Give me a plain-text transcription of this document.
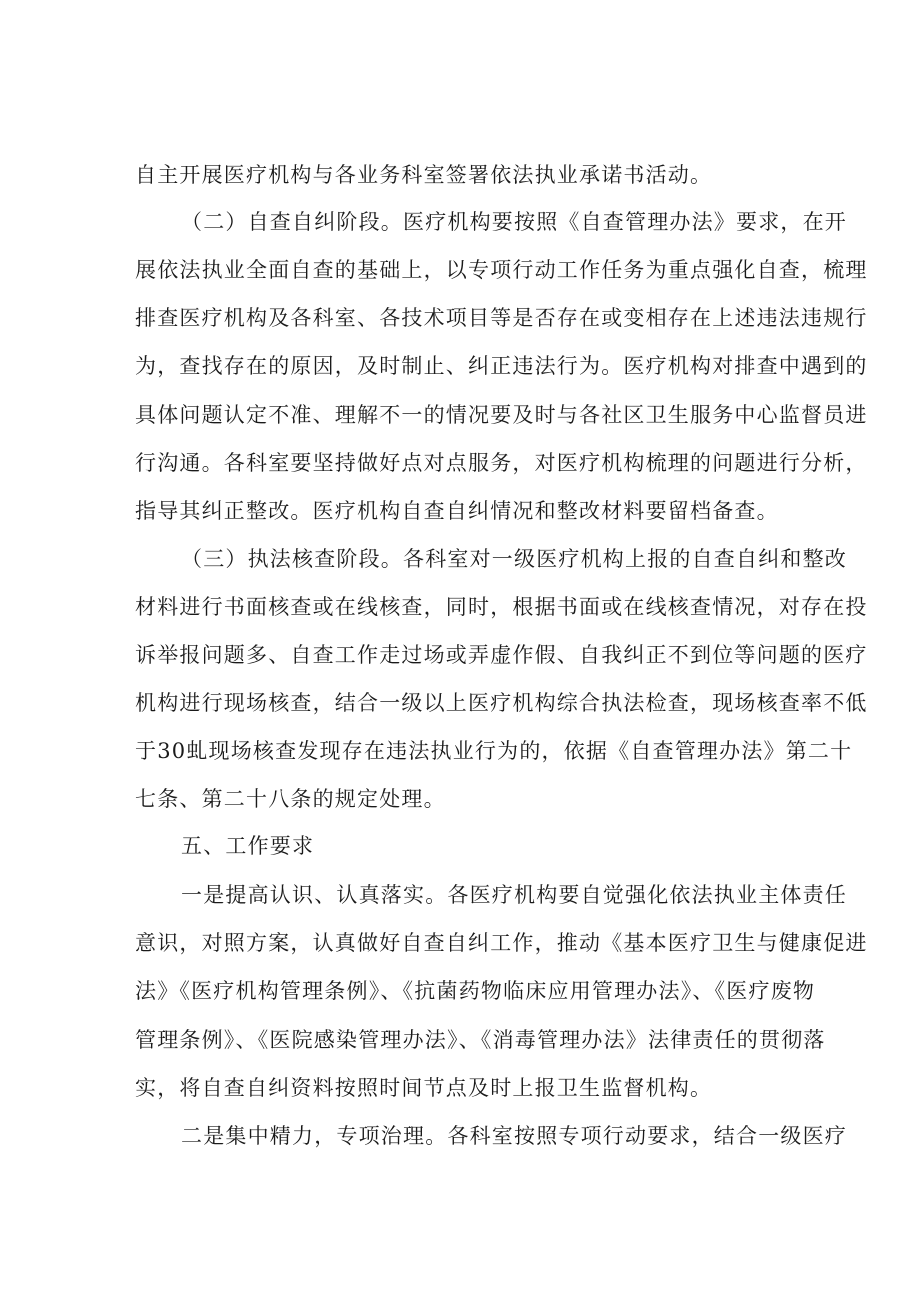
自主开展医疗机构与各业务科室签署依法执业承诺书活动。
（二）自查自纠阶段。医疗机构要按照《自查管理办法》要求，在开
展依法执业全面自查的基础上，以专项行动工作任务为重点强化自查，梳理
排查医疗机构及各科室、各技术项目等是否存在或变相存在上述违法违规行
为，查找存在的原因，及时制止、纠正违法行为。医疗机构对排查中遇到的
具体问题认定不准、理解不一的情况要及时与各社区卫生服务中心监督员进
行沟通。各科室要坚持做好点对点服务，对医疗机构梳理的问题进行分析，
指导其纠正整改。医疗机构自查自纠情况和整改材料要留档备查。
（三）执法核查阶段。各科室对一级医疗机构上报的自查自纠和整改
材料进行书面核查或在线核查，同时，根据书面或在线核查情况，对存在投
诉举报问题多、自查工作走过场或弄虚作假、自我纠正不到位等问题的医疗
机构进行现场核查，结合一级以上医疗机构综合执法检查，现场核查率不低
于30虬现场核查发现存在违法执业行为的，依据《自查管理办法》第二十
七条、第二十八条的规定处理。
五、工作要求
一是提高认识、认真落实。各医疗机构要自觉强化依法执业主体责任
意识，对照方案，认真做好自查自纠工作，推动《基本医疗卫生与健康促进
法》《医疗机构管理条例》、《抗菌药物临床应用管理办法》、《医疗废物
管理条例》、《医院感染管理办法》、《消毒管理办法》法律责任的贯彻落
实，将自查自纠资料按照时间节点及时上报卫生监督机构。
二是集中精力，专项治理。各科室按照专项行动要求，结合一级医疗
